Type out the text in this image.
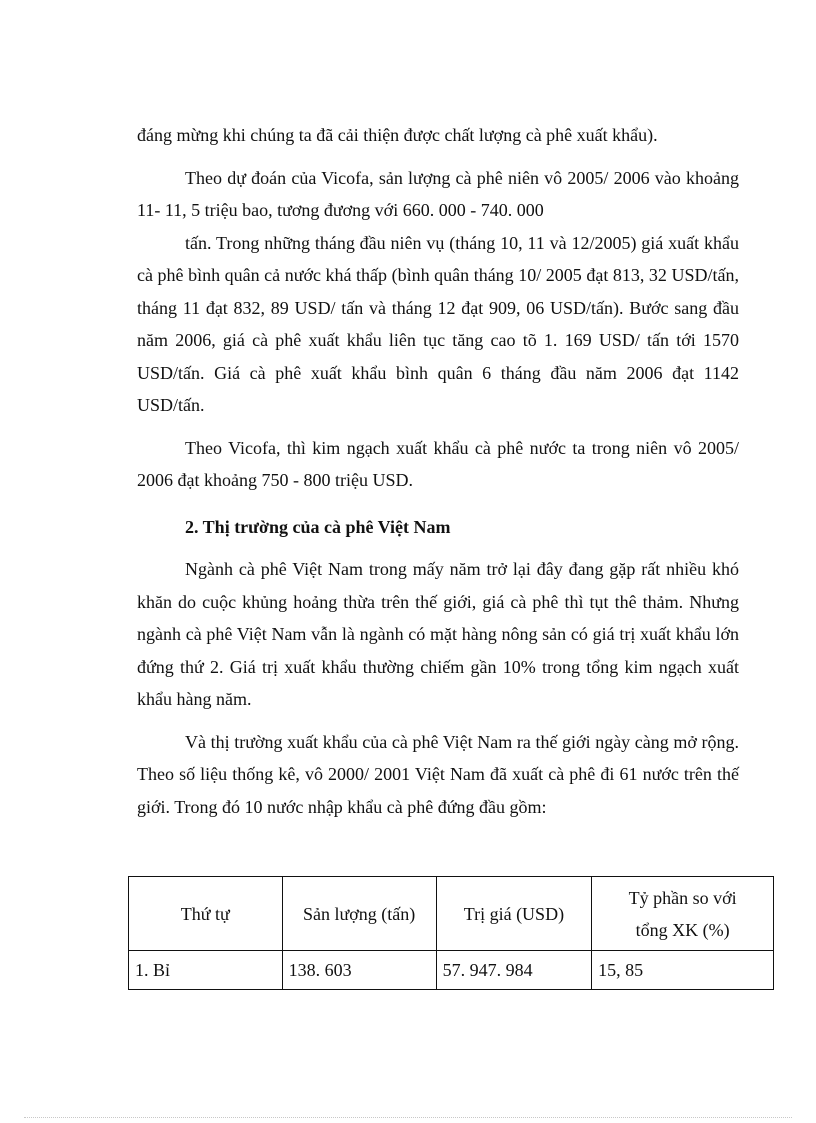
đáng mừng khi chúng ta đã cải thiện được chất lượng cà phê xuất khẩu).

Theo dự đoán của Vicofa, sản lượng cà phê niên vô 2005/ 2006 vào khoảng 11- 11, 5 triệu bao, tương đương với 660. 000 - 740. 000

tấn. Trong những tháng đầu niên vụ (tháng 10, 11 và 12/2005) giá xuất khẩu cà phê bình quân cả nước khá thấp (bình quân tháng 10/ 2005 đạt 813, 32 USD/tấn, tháng 11 đạt 832, 89 USD/ tấn và tháng 12 đạt 909, 06 USD/tấn). Bước sang đầu năm 2006, giá cà phê xuất khẩu liên tục tăng cao tõ 1. 169 USD/ tấn tới 1570 USD/tấn. Giá cà phê xuất khẩu bình quân 6 tháng đầu năm 2006 đạt 1142 USD/tấn.

Theo Vicofa, thì kim ngạch xuất khẩu cà phê nước ta trong niên vô 2005/ 2006 đạt khoảng 750 - 800 triệu USD.

2. Thị trường của cà phê Việt Nam

Ngành cà phê Việt Nam trong mấy năm trở lại đây đang gặp rất nhiều khó khăn do cuộc khủng hoảng thừa trên thế giới, giá cà phê thì tụt thê thảm. Nhưng ngành cà phê Việt Nam vẫn là ngành có mặt hàng nông sản có giá trị xuất khẩu lớn đứng thứ 2. Giá trị xuất khẩu thường chiếm gần 10% trong tổng kim ngạch xuất khẩu hàng năm.

Và thị trường xuất khẩu của cà phê Việt Nam ra thế giới ngày càng mở rộng. Theo số liệu thống kê, vô 2000/ 2001 Việt Nam đã xuất cà phê đi 61 nước trên thế giới. Trong đó 10 nước nhập khẩu cà phê đứng đầu gồm:

Thứ tự	Sản lượng (tấn)	Trị giá (USD)	Tỷ phần so với
tổng XK (%)
1. Bỉ	138. 603	57. 947. 984	15, 85
